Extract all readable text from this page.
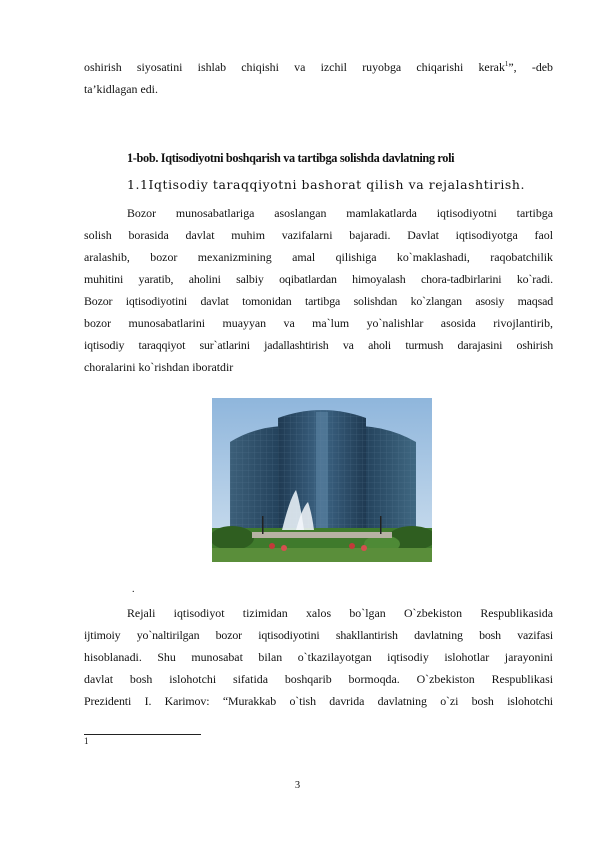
oshirish siyosatini ishlab chiqishi va izchil ruyobga chiqarishi kerak$^1$”, -deb
ta’kidlagan edi.
1-bob. Iqtisodiyotni boshqarish va tartibga solishda davlatning roli
1.1Iqtisodiy taraqqiyotni bashorat qilish va rejalashtirish.
Bozor munosabatlariga asoslangan mamlakatlarda iqtisodiyotni tartibga
solish borasida davlat muhim vazifalarni bajaradi. Davlat iqtisodiyotga faol
aralashib, bozor mexanizmining amal qilishiga ko`maklashadi, raqobatchilik
muhitini yaratib, aholini salbiy oqibatlardan himoyalash chora-tadbirlarini ko`radi.
Bozor iqtisodiyotini davlat tomonidan tartibga solishdan ko`zlangan asosiy maqsad
bozor munosabatlarini muayyan va ma`lum yo`nalishlar asosida rivojlantirib,
iqtisodiy taraqqiyot sur`atlarini jadallashtirish va aholi turmush darajasini oshirish
choralarini ko`rishdan iboratdir
.
Rejali iqtisodiyot tizimidan xalos bo`lgan O`zbekiston Respublikasida
ijtimoiy yo`naltirilgan bozor iqtisodiyotini shakllantirish davlatning bosh vazifasi
hisoblanadi. Shu munosabat bilan o`tkazilayotgan iqtisodiy islohotlar jarayonini
davlat bosh islohotchi sifatida boshqarib bormoqda. O`zbekiston Respublikasi
Prezidenti I. Karimov: “Murakkab o`tish davrida davlatning o`zi bosh islohotchi
1
3
